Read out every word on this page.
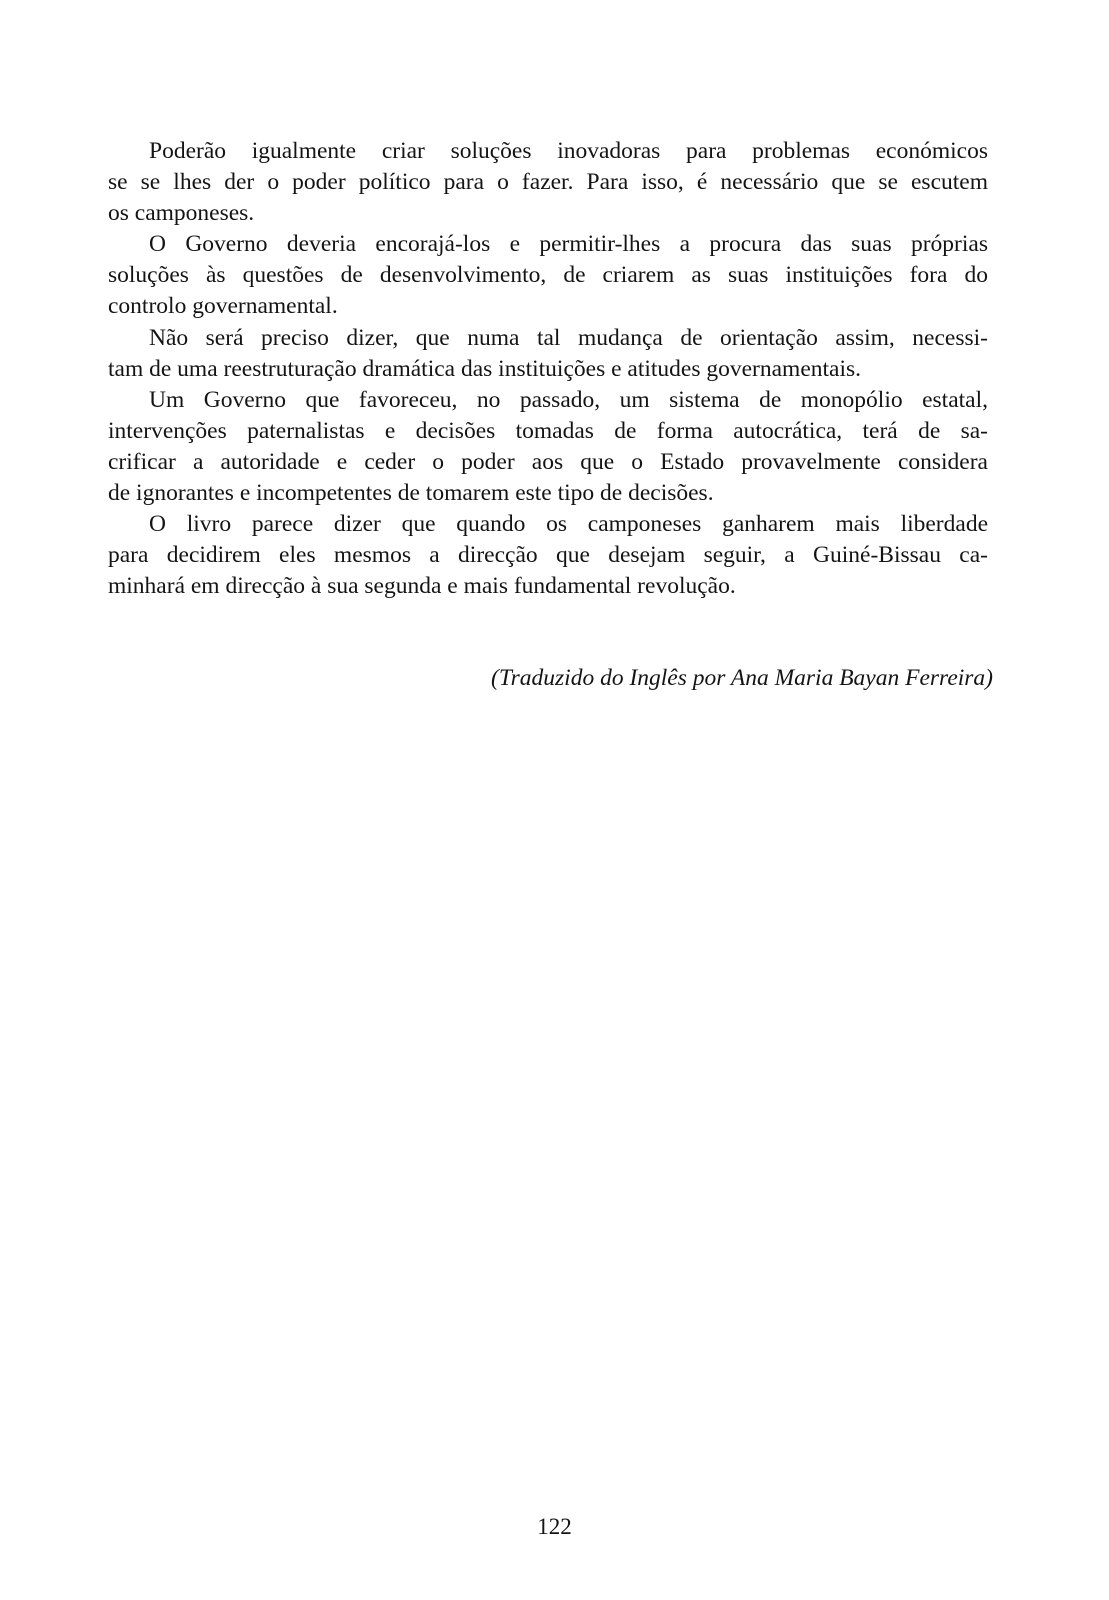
Poderão igualmente criar soluções inovadoras para problemas económicos
se se lhes der o poder político para o fazer. Para isso, é necessário que se escutem
os camponeses.
O Governo deveria encorajá-los e permitir-lhes a procura das suas próprias
soluções às questões de desenvolvimento, de criarem as suas instituições fora do
controlo governamental.
Não será preciso dizer, que numa tal mudança de orientação assim, necessi-
tam de uma reestruturação dramática das instituições e atitudes governamentais.
Um Governo que favoreceu, no passado, um sistema de monopólio estatal,
intervenções paternalistas e decisões tomadas de forma autocrática, terá de sa-
crificar a autoridade e ceder o poder aos que o Estado provavelmente considera
de ignorantes e incompetentes de tomarem este tipo de decisões.
O livro parece dizer que quando os camponeses ganharem mais liberdade
para decidirem eles mesmos a direcção que desejam seguir, a Guiné-Bissau ca-
minhará em direcção à sua segunda e mais fundamental revolução.
(Traduzido do Inglês por Ana Maria Bayan Ferreira)
122
